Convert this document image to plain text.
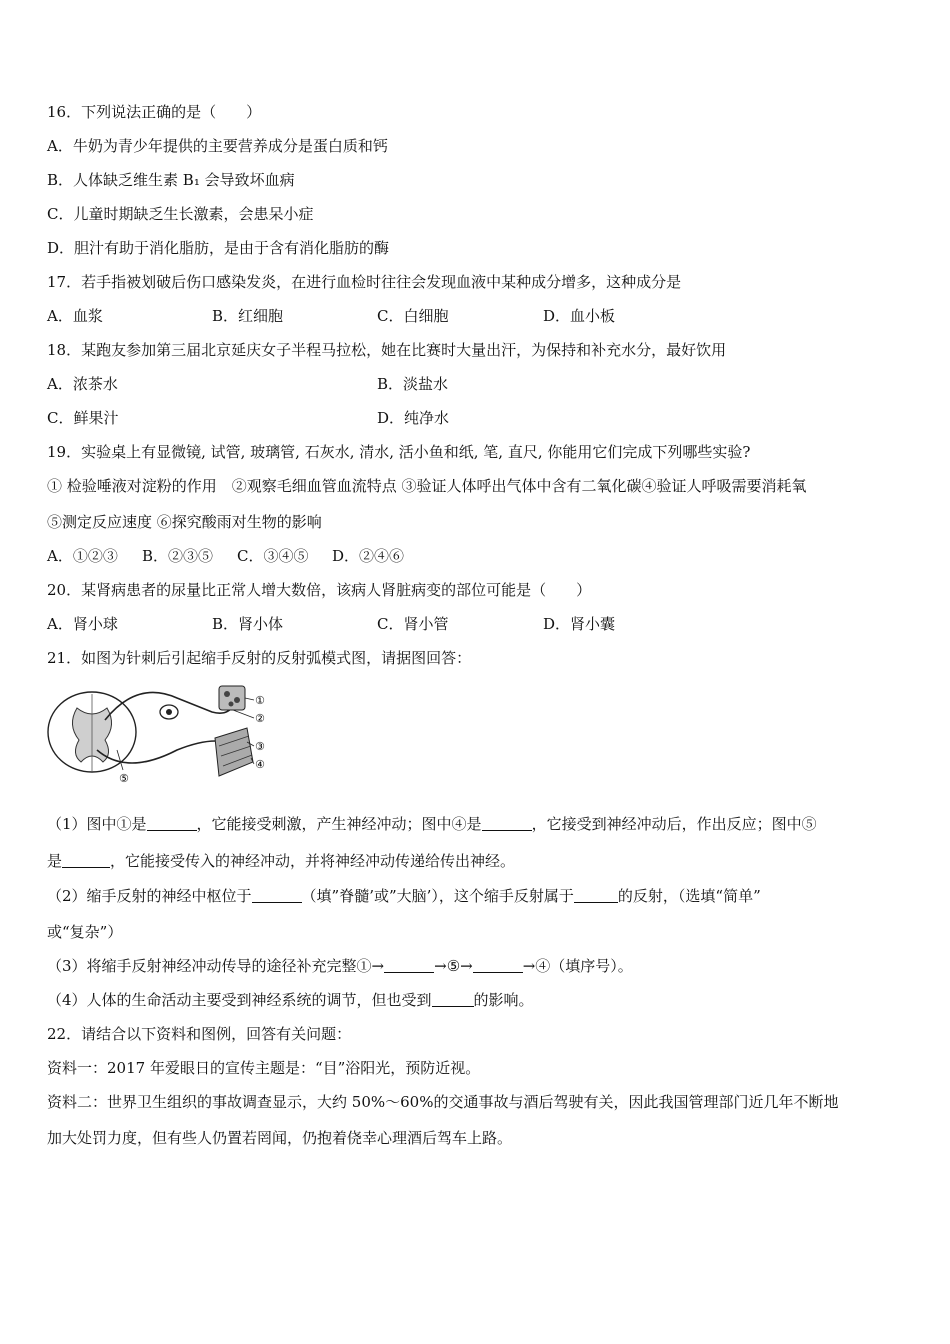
16．下列说法正确的是（　　）
A．牛奶为青少年提供的主要营养成分是蛋白质和钙
B．人体缺乏维生素 B₁ 会导致坏血病
C．儿童时期缺乏生长激素，会患呆小症
D．胆汁有助于消化脂肪，是由于含有消化脂肪的酶
17．若手指被划破后伤口感染发炎，在进行血检时往往会发现血液中某种成分增多，这种成分是
A．血浆	B．红细胞	C．白细胞	D．血小板
18．某跑友参加第三届北京延庆女子半程马拉松，她在比赛时大量出汗，为保持和补充水分，最好饮用
A．浓茶水	B．淡盐水
C．鲜果汁	D．纯净水
19．实验桌上有显微镜, 试管, 玻璃管, 石灰水, 清水, 活小鱼和纸, 笔, 直尺, 你能用它们完成下列哪些实验?
① 检验唾液对淀粉的作用　②观察毛细血管血流特点 ③验证人体呼出气体中含有二氧化碳④验证人呼吸需要消耗氧
⑤测定反应速度 ⑥探究酸雨对生物的影响
A．①②③ B．②③⑤ C．③④⑤ D．②④⑥
20．某肾病患者的尿量比正常人增大数倍，该病人肾脏病变的部位可能是（　　）
A．肾小球	B．肾小体	C．肾小管	D．肾小囊
21．如图为针刺后引起缩手反射的反射弧模式图，请据图回答：
①
②
③
④
⑤
（1）图中①是	，它能接受刺激，产生神经冲动；图中④是	，它接受到神经冲动后，作出反应；图中⑤
是	，它能接受传入的神经冲动，并将神经冲动传递给传出神经。
（2）缩手反射的神经中枢位于	（填”脊髓’或”大脑’），这个缩手反射属于	的反射，（选填“简单”
或“复杂”）
（3）将缩手反射神经冲动传导的途径补充完整①→	→⑤→	→④（填序号）。
（4）人体的生命活动主要受到神经系统的调节，但也受到	的影响。
22．请结合以下资料和图例，回答有关问题：
资料一：2017 年爱眼日的宣传主题是：“目”浴阳光，预防近视。
资料二：世界卫生组织的事故调查显示，大约 50%～60%的交通事故与酒后驾驶有关，因此我国管理部门近几年不断地
加大处罚力度，但有些人仍置若罔闻，仍抱着侥幸心理酒后驾车上路。
